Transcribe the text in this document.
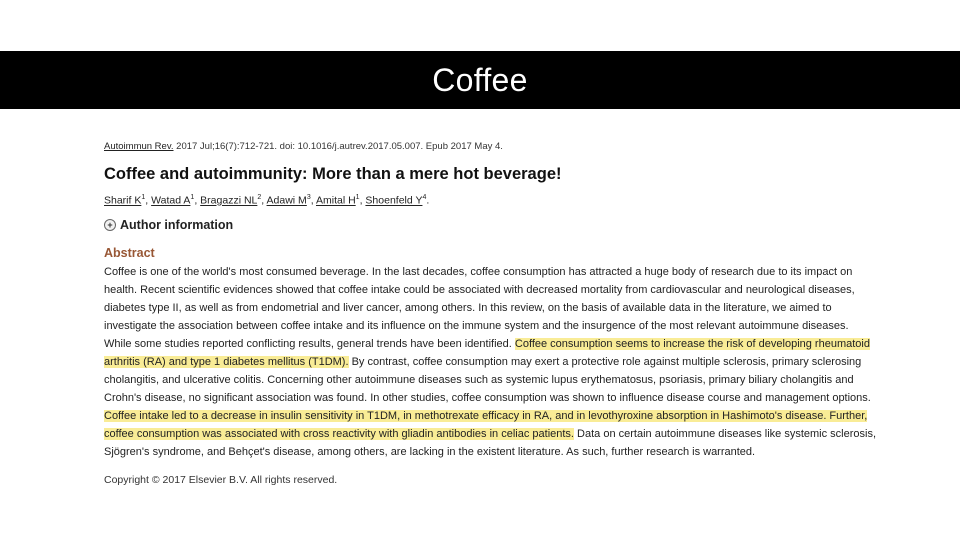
Coffee
Autoimmun Rev. 2017 Jul;16(7):712-721. doi: 10.1016/j.autrev.2017.05.007. Epub 2017 May 4.
Coffee and autoimmunity: More than a mere hot beverage!
Sharif $K^1$, Watad $A^1$, Bragazzi $NL^2$, Adawi $M^3$, Amital $H^1$, Shoenfeld $Y^4$.
+ Author information
Abstract
Coffee is one of the world's most consumed beverage. In the last decades, coffee consumption has attracted a huge body of research due to its impact on health. Recent scientific evidences showed that coffee intake could be associated with decreased mortality from cardiovascular and neurological diseases, diabetes type II, as well as from endometrial and liver cancer, among others. In this review, on the basis of available data in the literature, we aimed to investigate the association between coffee intake and its influence on the immune system and the insurgence of the most relevant autoimmune diseases. While some studies reported conflicting results, general trends have been identified. Coffee consumption seems to increase the risk of developing rheumatoid arthritis (RA) and type 1 diabetes mellitus (T1DM). By contrast, coffee consumption may exert a protective role against multiple sclerosis, primary sclerosing cholangitis, and ulcerative colitis. Concerning other autoimmune diseases such as systemic lupus erythematosus, psoriasis, primary biliary cholangitis and Crohn's disease, no significant association was found. In other studies, coffee consumption was shown to influence disease course and management options. Coffee intake led to a decrease in insulin sensitivity in T1DM, in methotrexate efficacy in RA, and in levothyroxine absorption in Hashimoto's disease. Further, coffee consumption was associated with cross reactivity with gliadin antibodies in celiac patients. Data on certain autoimmune diseases like systemic sclerosis, Sjögren's syndrome, and Behçet's disease, among others, are lacking in the existent literature. As such, further research is warranted.
Copyright © 2017 Elsevier B.V. All rights reserved.
